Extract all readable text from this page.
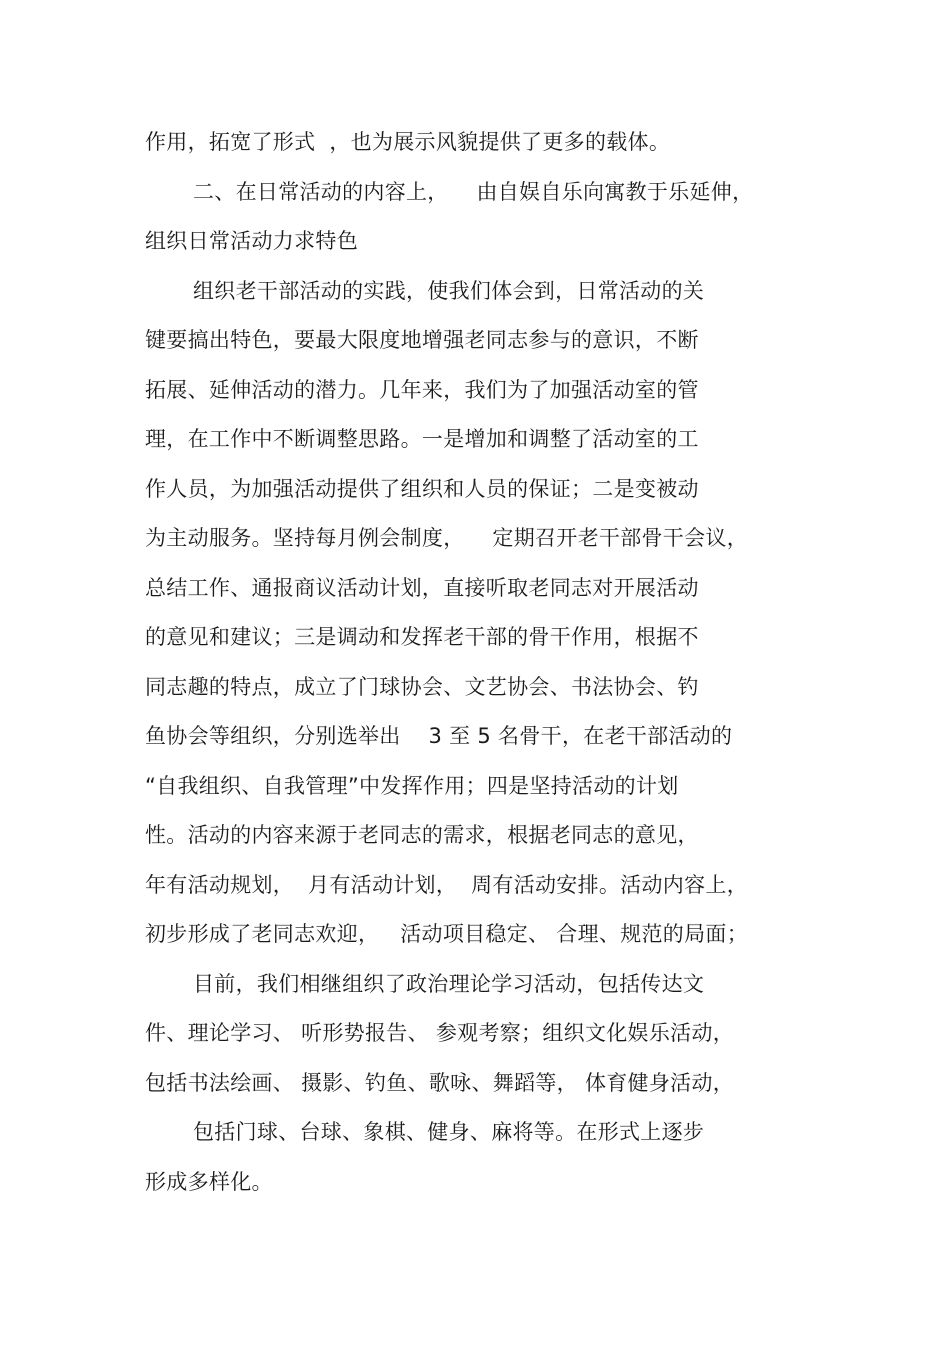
作用，拓宽了形式  ，也为展示风貌提供了更多的载体。
二、在日常活动的内容上，    由自娱自乐向寓教于乐延伸，
组织日常活动力求特色
组织老干部活动的实践，使我们体会到，日常活动的关
键要搞出特色，要最大限度地增强老同志参与的意识，不断
拓展、延伸活动的潜力。几年来，我们为了加强活动室的管
理，在工作中不断调整思路。一是增加和调整了活动室的工
作人员，为加强活动提供了组织和人员的保证；二是变被动
为主动服务。坚持每月例会制度，    定期召开老干部骨干会议，
总结工作、通报商议活动计划，直接听取老同志对开展活动
的意见和建议；三是调动和发挥老干部的骨干作用，根据不
同志趣的特点，成立了门球协会、文艺协会、书法协会、钓
鱼协会等组织，分别选举出    3 至 5 名骨干，在老干部活动的
“自我组织、自我管理”中发挥作用；四是坚持活动的计划
性。活动的内容来源于老同志的需求，根据老同志的意见，
年有活动规划，  月有活动计划，  周有活动安排。活动内容上，
初步形成了老同志欢迎，   活动项目稳定、 合理、规范的局面；
目前，我们相继组织了政治理论学习活动，包括传达文
件、理论学习、 听形势报告、 参观考察；组织文化娱乐活动，
包括书法绘画、 摄影、钓鱼、歌咏、舞蹈等， 体育健身活动，
包括门球、台球、象棋、健身、麻将等。在形式上逐步
形成多样化。
